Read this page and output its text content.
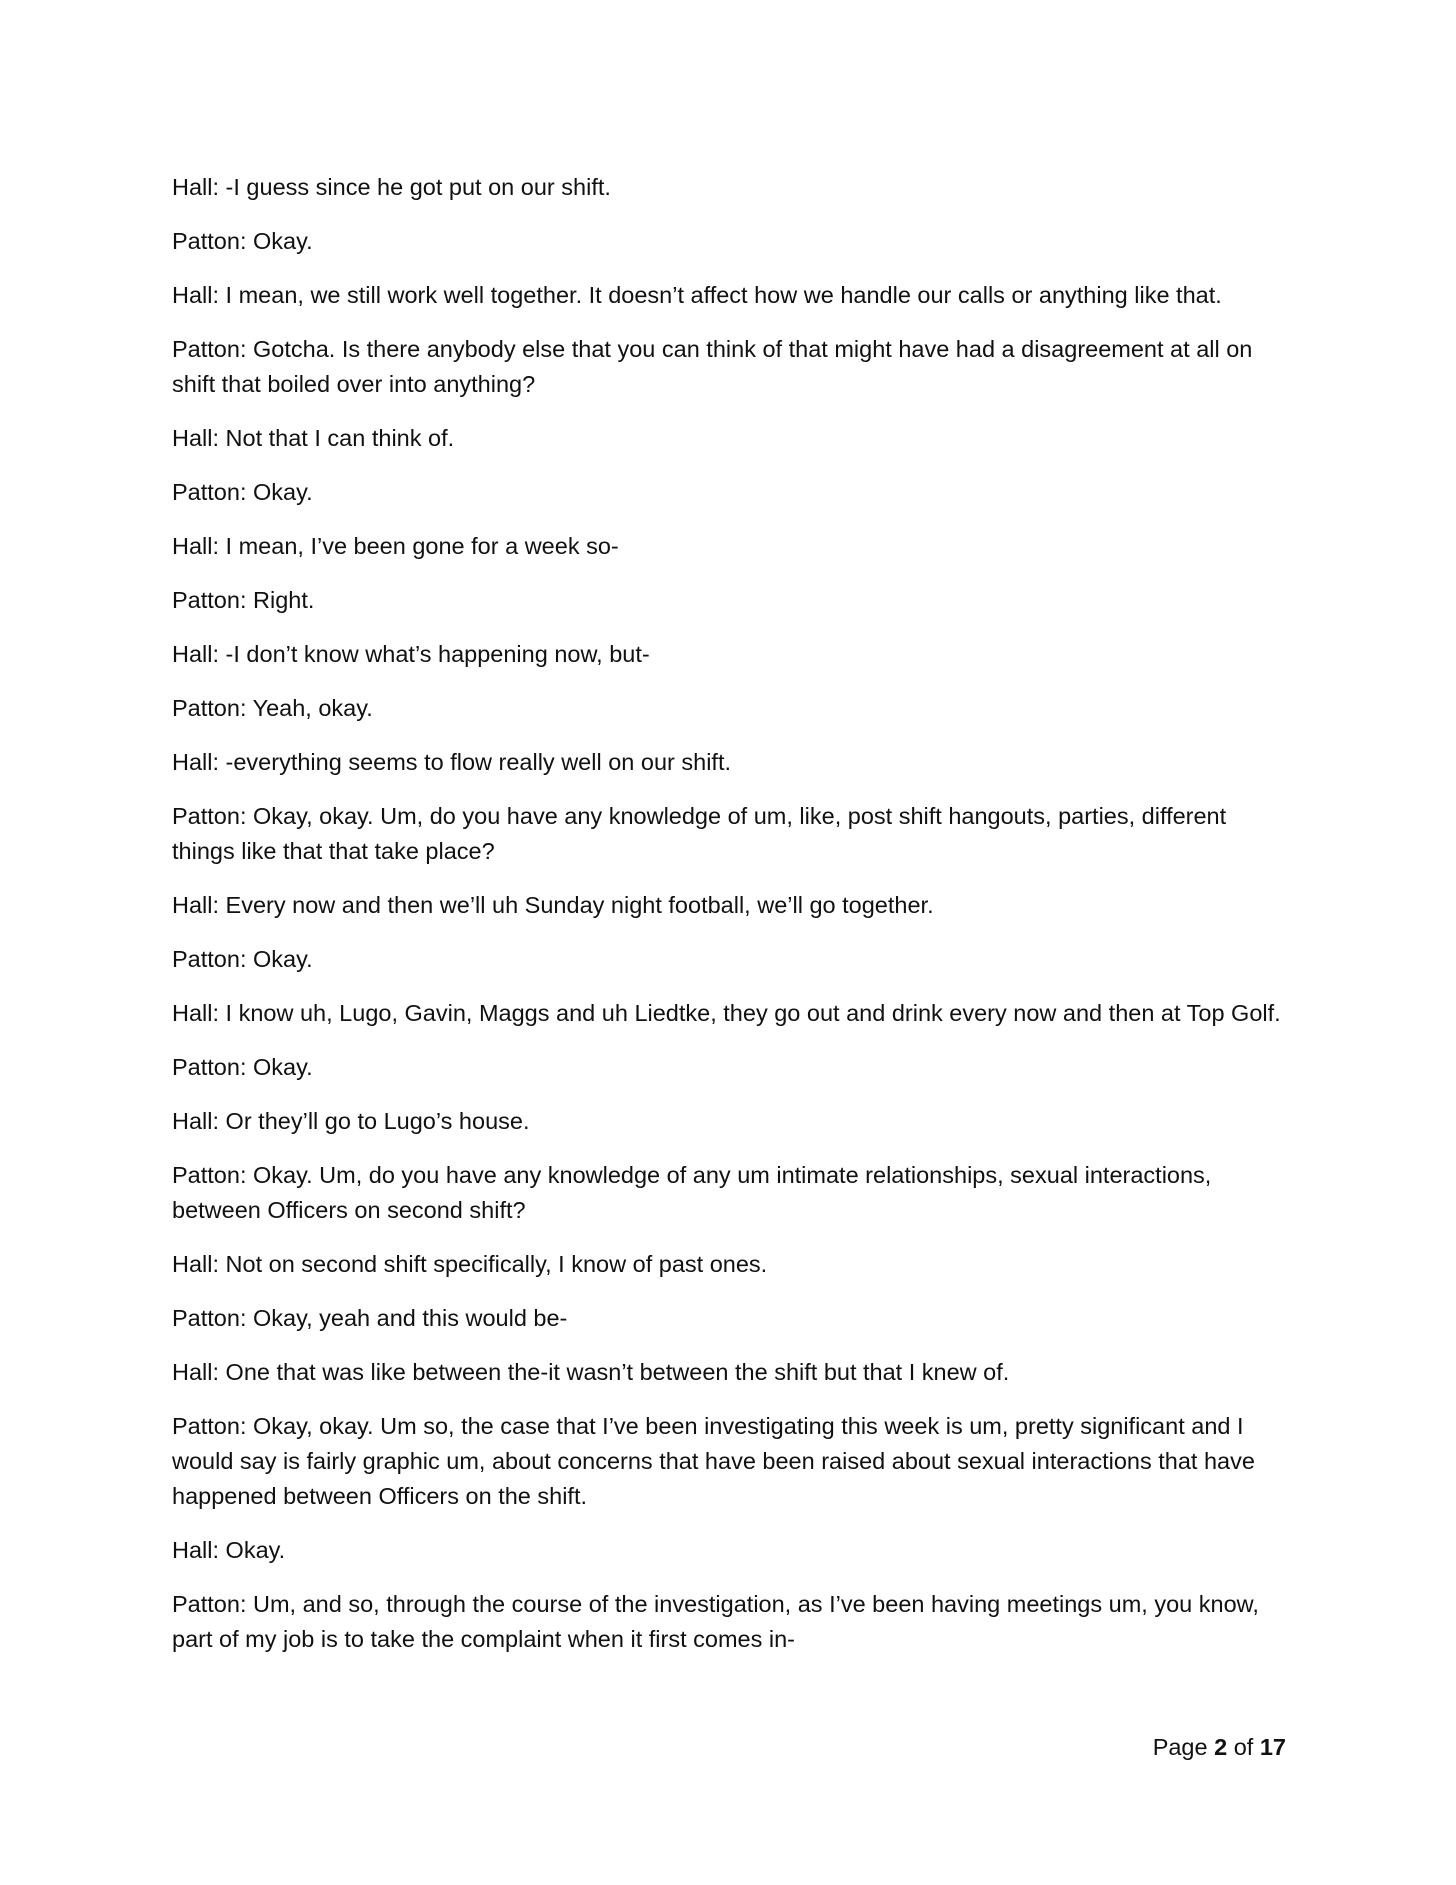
Hall: -I guess since he got put on our shift.

Patton: Okay.

Hall: I mean, we still work well together. It doesn’t affect how we handle our calls or anything like that.

Patton: Gotcha. Is there anybody else that you can think of that might have had a disagreement at all on shift that boiled over into anything?

Hall: Not that I can think of.

Patton: Okay.

Hall: I mean, I’ve been gone for a week so-

Patton: Right.

Hall: -I don’t know what’s happening now, but-

Patton: Yeah, okay.

Hall: -everything seems to flow really well on our shift.

Patton: Okay, okay. Um, do you have any knowledge of um, like, post shift hangouts, parties, different things like that that take place?

Hall: Every now and then we’ll uh Sunday night football, we’ll go together.

Patton: Okay.

Hall: I know uh, Lugo, Gavin, Maggs and uh Liedtke, they go out and drink every now and then at Top Golf.

Patton: Okay.

Hall: Or they’ll go to Lugo’s house.

Patton: Okay. Um, do you have any knowledge of any um intimate relationships, sexual interactions, between Officers on second shift?

Hall: Not on second shift specifically, I know of past ones.

Patton: Okay, yeah and this would be-

Hall: One that was like between the-it wasn’t between the shift but that I knew of.

Patton: Okay, okay. Um so, the case that I’ve been investigating this week is um, pretty significant and I would say is fairly graphic um, about concerns that have been raised about sexual interactions that have happened between Officers on the shift.

Hall: Okay.

Patton: Um, and so, through the course of the investigation, as I’ve been having meetings um, you know, part of my job is to take the complaint when it first comes in-

Page 2 of 17
